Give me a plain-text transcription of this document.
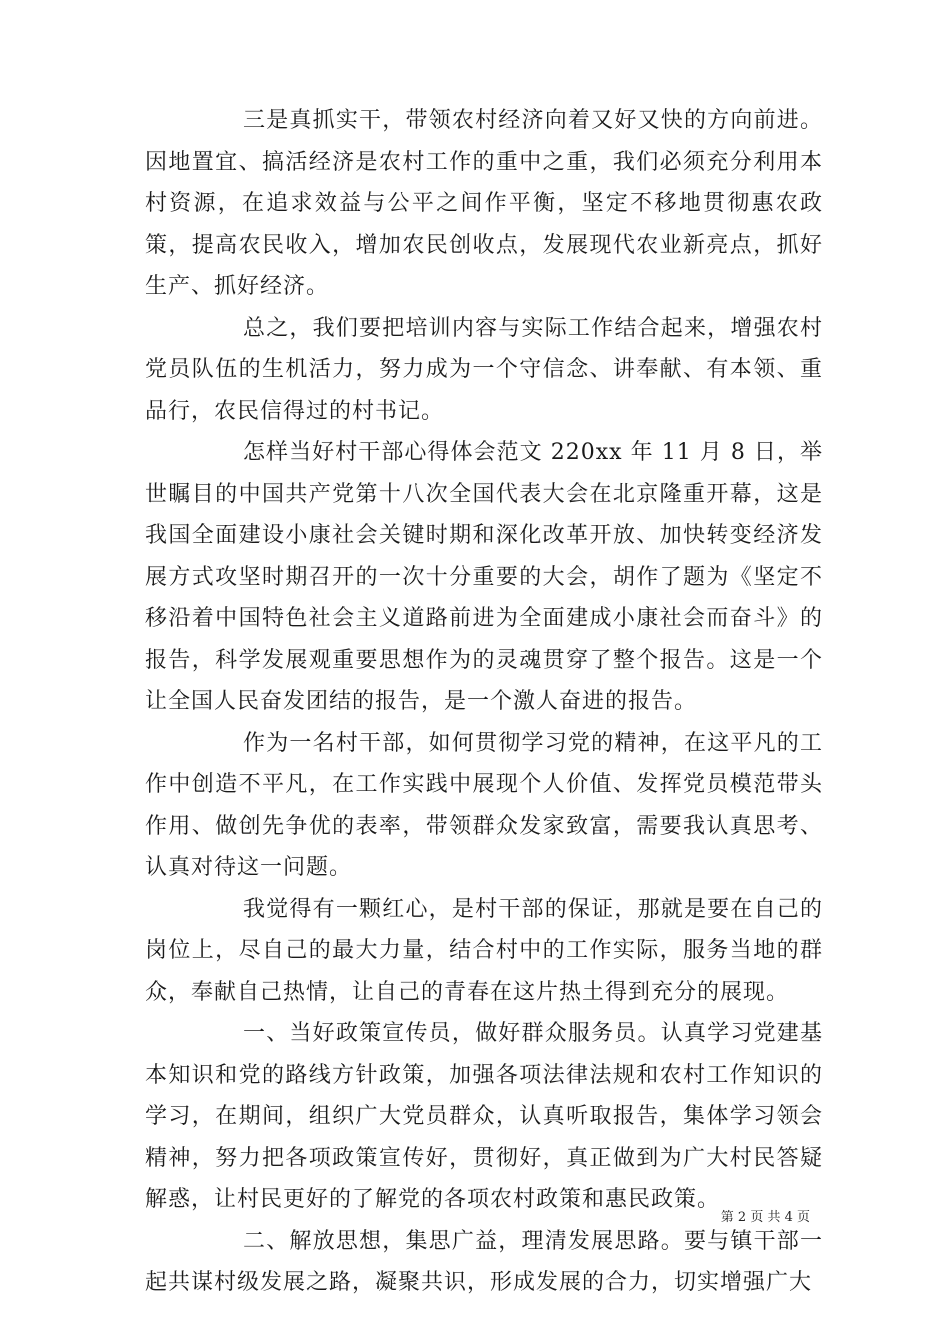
三是真抓实干，带领农村经济向着又好又快的方向前进。因地置宜、搞活经济是农村工作的重中之重，我们必须充分利用本村资源，在追求效益与公平之间作平衡，坚定不移地贯彻惠农政策，提高农民收入，增加农民创收点，发展现代农业新亮点，抓好生产、抓好经济。

总之，我们要把培训内容与实际工作结合起来，增强农村党员队伍的生机活力，努力成为一个守信念、讲奉献、有本领、重品行，农民信得过的村书记。

怎样当好村干部心得体会范文 220xx 年 11 月 8 日，举世瞩目的中国共产党第十八次全国代表大会在北京隆重开幕，这是我国全面建设小康社会关键时期和深化改革开放、加快转变经济发展方式攻坚时期召开的一次十分重要的大会，胡作了题为《坚定不移沿着中国特色社会主义道路前进为全面建成小康社会而奋斗》的报告，科学发展观重要思想作为的灵魂贯穿了整个报告。这是一个让全国人民奋发团结的报告，是一个激人奋进的报告。

作为一名村干部，如何贯彻学习党的精神，在这平凡的工作中创造不平凡，在工作实践中展现个人价值、发挥党员模范带头作用、做创先争优的表率，带领群众发家致富，需要我认真思考、认真对待这一问题。

我觉得有一颗红心，是村干部的保证，那就是要在自己的岗位上，尽自己的最大力量，结合村中的工作实际，服务当地的群众，奉献自己热情，让自己的青春在这片热土得到充分的展现。

一、当好政策宣传员，做好群众服务员。认真学习党建基本知识和党的路线方针政策，加强各项法律法规和农村工作知识的学习，在期间，组织广大党员群众，认真听取报告，集体学习领会精神，努力把各项政策宣传好，贯彻好，真正做到为广大村民答疑解惑，让村民更好的了解党的各项农村政策和惠民政策。

二、解放思想，集思广益，理清发展思路。要与镇干部一起共谋村级发展之路，凝聚共识，形成发展的合力，切实增强广大

第 2 页 共 4 页
